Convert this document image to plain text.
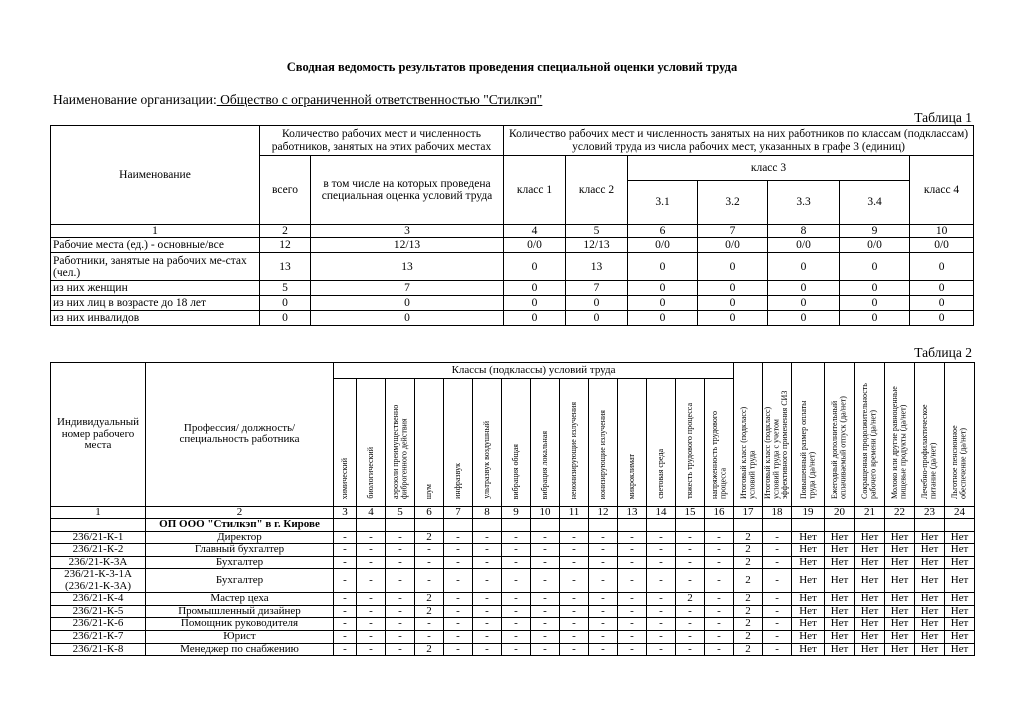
Сводная ведомость результатов проведения специальной оценки условий труда
Наименование организации: Общество с ограниченной ответственностью "Стилкэп"
Таблица 1
Наименование	Количество рабочих мест и численность работников, занятых на этих рабочих местах		Количество рабочих мест и численность занятых на них работников по классам (подклассам) условий труда из числа рабочих мест, указанных в графе 3 (единиц)						
	всего	в том числе на которых проведена специальная оценка условий труда	класс 1	класс 2	класс 3				класс 4
					3.1	3.2	3.3	3.4	
1	2	3	4	5	6	7	8	9	10
Рабочие места (ед.) - основные/все	12	12/13	0/0	12/13	0/0	0/0	0/0	0/0	0/0
Работники, занятые на рабочих ме-стах (чел.)	13	13	0	13	0	0	0	0	0
из них женщин	5	7	0	7	0	0	0	0	0
из них лиц в возрасте до 18 лет	0	0	0	0	0	0	0	0	0
из них инвалидов	0	0	0	0	0	0	0	0	0
Таблица 2
Индивидуальный номер рабочего места	Профессия/ должность/ специальность работника	Классы (подклассы) условий труда														Итоговый класс (подкласс) условий труда	Итоговый класс (подкласс) условий труда с учетом эффективного применения СИЗ	Повышенный размер оплаты труда (да/нет)	Ежегодный дополнительный оплачиваемый отпуск (да/нет)	Сокращенная продолжительность рабочего времени (да/нет)	Молоко или другие равноценные пищевые продукты (да/нет)	Лечебно-профилактическое питание (да/нет)	Льготное пенсионное обеспечение (да/нет)
		химический	биологический	аэрозоли преимущественно фиброгенного действия	шум	инфразвук	ультразвук воздушный	вибрация общая	вибрация локальная	неионизирующие излучения	ионизирующие излучения	микроклимат	световая среда	тяжесть трудового процесса	напряженность трудового процесса								
1	2	3	4	5	6	7	8	9	10	11	12	13	14	15	16	17	18	19	20	21	22	23	24
	ОП ООО "Стилкэп" в г. Кирове																						
236/21-К-1	Директор	-	-	-	2	-	-	-	-	-	-	-	-	-	-	2	-	Нет	Нет	Нет	Нет	Нет	Нет
236/21-К-2	Главный бухгалтер	-	-	-	-	-	-	-	-	-	-	-	-	-	-	2	-	Нет	Нет	Нет	Нет	Нет	Нет
236/21-К-3А	Бухгалтер	-	-	-	-	-	-	-	-	-	-	-	-	-	-	2	-	Нет	Нет	Нет	Нет	Нет	Нет
236/21-К-3-1А (236/21-К-3А)	Бухгалтер	-	-	-	-	-	-	-	-	-	-	-	-	-	-	2	-	Нет	Нет	Нет	Нет	Нет	Нет
236/21-К-4	Мастер цеха	-	-	-	2	-	-	-	-	-	-	-	-	2	-	2	-	Нет	Нет	Нет	Нет	Нет	Нет
236/21-К-5	Промышленный дизайнер	-	-	-	2	-	-	-	-	-	-	-	-	-	-	2	-	Нет	Нет	Нет	Нет	Нет	Нет
236/21-К-6	Помощник руководителя	-	-	-	-	-	-	-	-	-	-	-	-	-	-	2	-	Нет	Нет	Нет	Нет	Нет	Нет
236/21-К-7	Юрист	-	-	-	-	-	-	-	-	-	-	-	-	-	-	2	-	Нет	Нет	Нет	Нет	Нет	Нет
236/21-К-8	Менеджер по снабжению	-	-	-	2	-	-	-	-	-	-	-	-	-	-	2	-	Нет	Нет	Нет	Нет	Нет	Нет
